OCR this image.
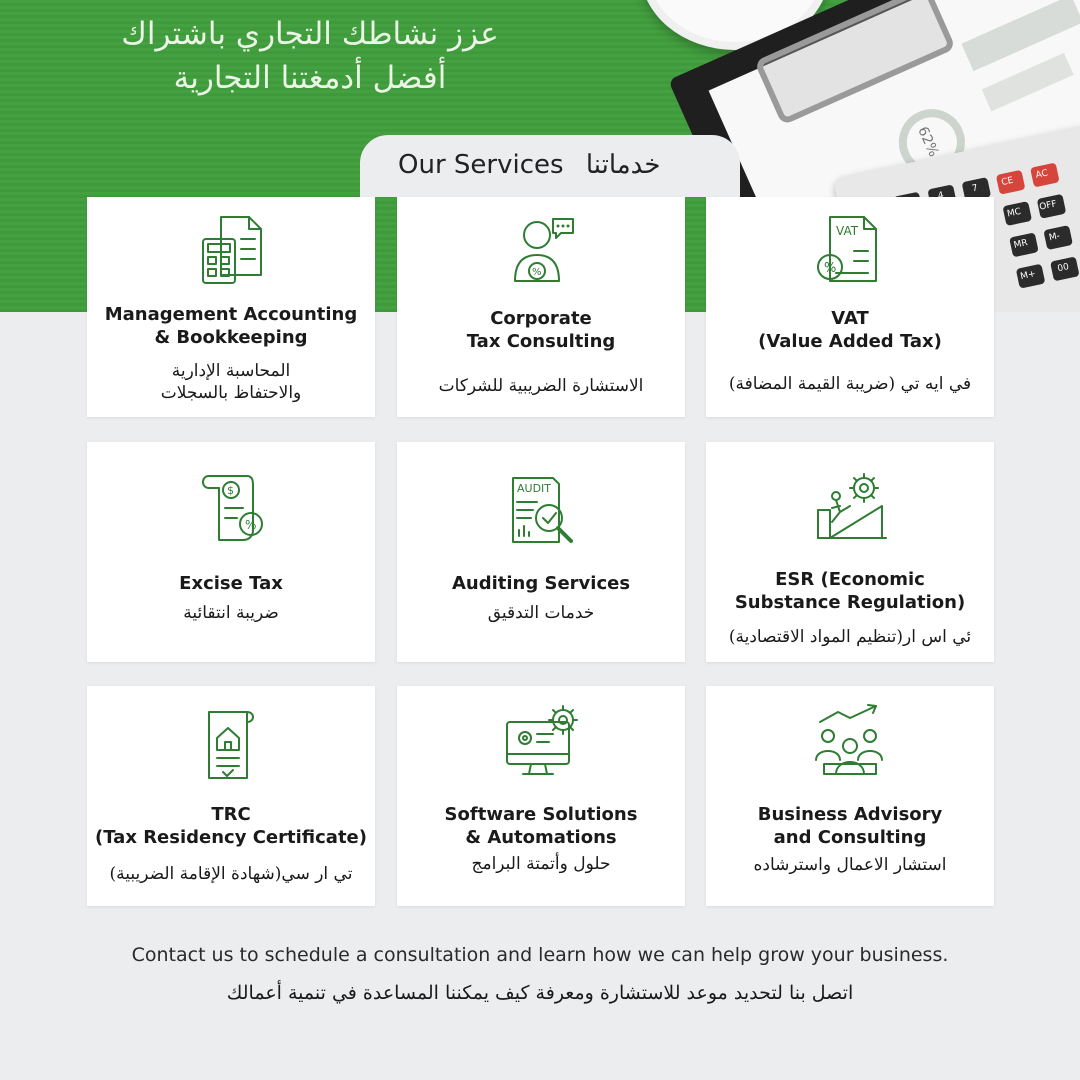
62%
7
CE
AC
MC
OFF
MR
M-
M+
00
عزز نشاطك التجاري باشتراك
أفضل أدمغتنا التجارية
Our Services خدماتنا
Management Accounting
& Bookkeeping
المحاسبة الإدارية
والاحتفاظ بالسجلات
%
Corporate
Tax Consulting
الاستشارة الضريبية للشركات
VAT
%
VAT
(Value Added Tax)
في ايه تي (ضريبة القيمة المضافة)
$
%
Excise Tax
ضريبة انتقائية
AUDIT
Auditing Services
خدمات التدقيق
ESR (Economic
Substance Regulation)
ئي اس ار(تنظيم المواد الاقتصادية)
TRC
(Tax Residency Certificate)
تي ار سي(شهادة الإقامة الضريبية)
Software Solutions
& Automations
حلول وأتمتة البرامج
Business Advisory
and Consulting
استشار الاعمال واسترشاده
Contact us to schedule a consultation and learn how we can help grow your business.
اتصل بنا لتحديد موعد للاستشارة ومعرفة كيف يمكننا المساعدة في تنمية أعمالك
